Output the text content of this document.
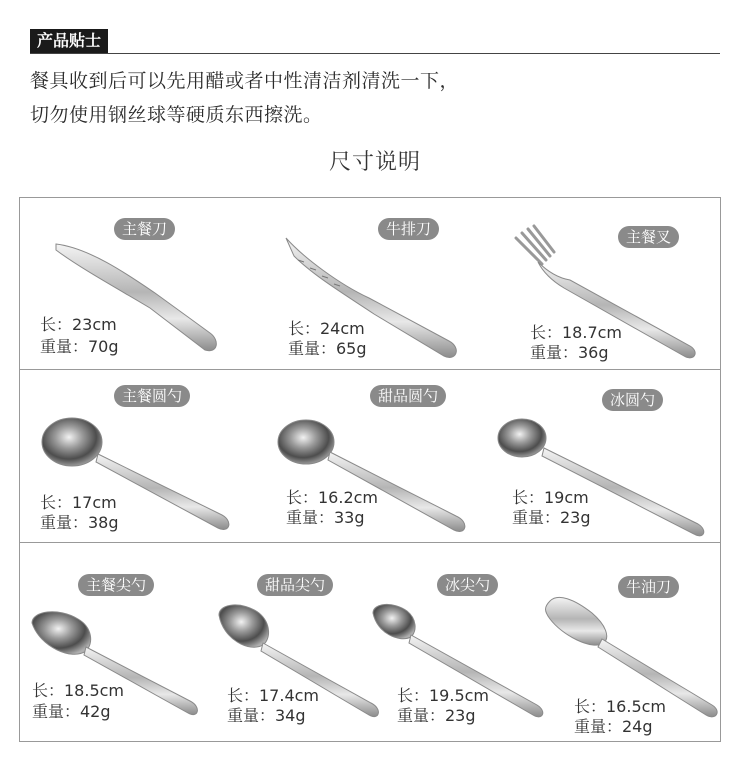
产品贴士
餐具收到后可以先用醋或者中性清洁剂清洗一下，
切勿使用钢丝球等硬质东西擦洗。
尺寸说明
主餐刀
长：23cm
重量：70g
牛排刀
长：24cm
重量：65g
主餐叉
长：18.7cm
重量：36g
主餐圆勺
长：17cm
重量：38g
甜品圆勺
长：16.2cm
重量：33g
冰圆勺
长：19cm
重量：23g
主餐尖勺
长：18.5cm
重量：42g
甜品尖勺
长：17.4cm
重量：34g
冰尖勺
长：19.5cm
重量：23g
牛油刀
长：16.5cm
重量：24g
